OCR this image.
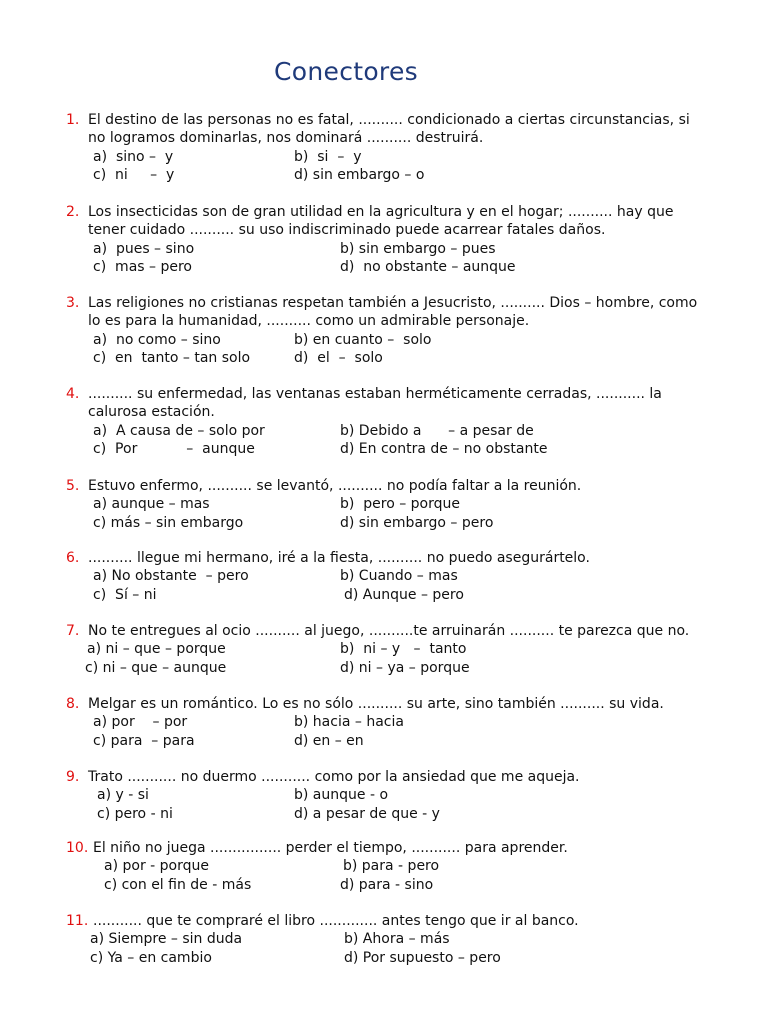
Conectores
1. El destino de las personas no es fatal, .......... condicionado a ciertas circunstancias, si no logramos dominarlas, nos dominará .......... destruirá.
a)  sino –  y	b)  si  –  y
c)  ni     –  y	d) sin embargo – o
2. Los insecticidas son de gran utilidad en la agricultura y en el hogar; .......... hay que tener cuidado .......... su uso indiscriminado puede acarrear fatales daños.
a)  pues – sino	b) sin embargo – pues
c)  mas – pero	d)  no obstante – aunque
3. Las religiones no cristianas respetan también a Jesucristo, .......... Dios – hombre, como lo es para la humanidad, .......... como un admirable personaje.
a)  no como – sino	b) en cuanto –  solo
c)  en  tanto – tan solo	d)  el  –  solo
4. .......... su enfermedad, las ventanas estaban herméticamente cerradas, ........... la calurosa estación.
a)  A causa de – solo por	b) Debido a      – a pesar de
c)  Por           –  aunque	d) En contra de – no obstante
5. Estuvo enfermo, .......... se levantó, .......... no podía faltar a la reunión.
a) aunque – mas	b)  pero – porque
c) más – sin embargo	d) sin embargo – pero
6. .......... llegue mi hermano, iré a la fiesta, .......... no puedo asegurártelo.
a) No obstante  – pero	b) Cuando – mas
c)  Sí – ni	d) Aunque – pero
7. No te entregues al ocio .......... al juego, ..........te arruinarán .......... te parezca que no.
a) ni – que – porque	b)  ni – y   –  tanto
c) ni – que – aunque	d) ni – ya – porque
8. Melgar es un romántico. Lo es no sólo .......... su arte, sino también .......... su vida.
a) por    – por	b) hacia – hacia
c) para  – para	d) en – en
9. Trato ........... no duermo ........... como por la ansiedad que me aqueja.
a) y - si	b) aunque - o
c) pero - ni	d) a pesar de que - y
10. El niño no juega ................ perder el tiempo, ........... para aprender.
a) por - porque	b) para - pero
c) con el fin de - más	d) para - sino
11. ........... que te compraré el libro ............. antes tengo que ir al banco.
a) Siempre – sin duda	b) Ahora – más
c) Ya – en cambio	d) Por supuesto – pero
